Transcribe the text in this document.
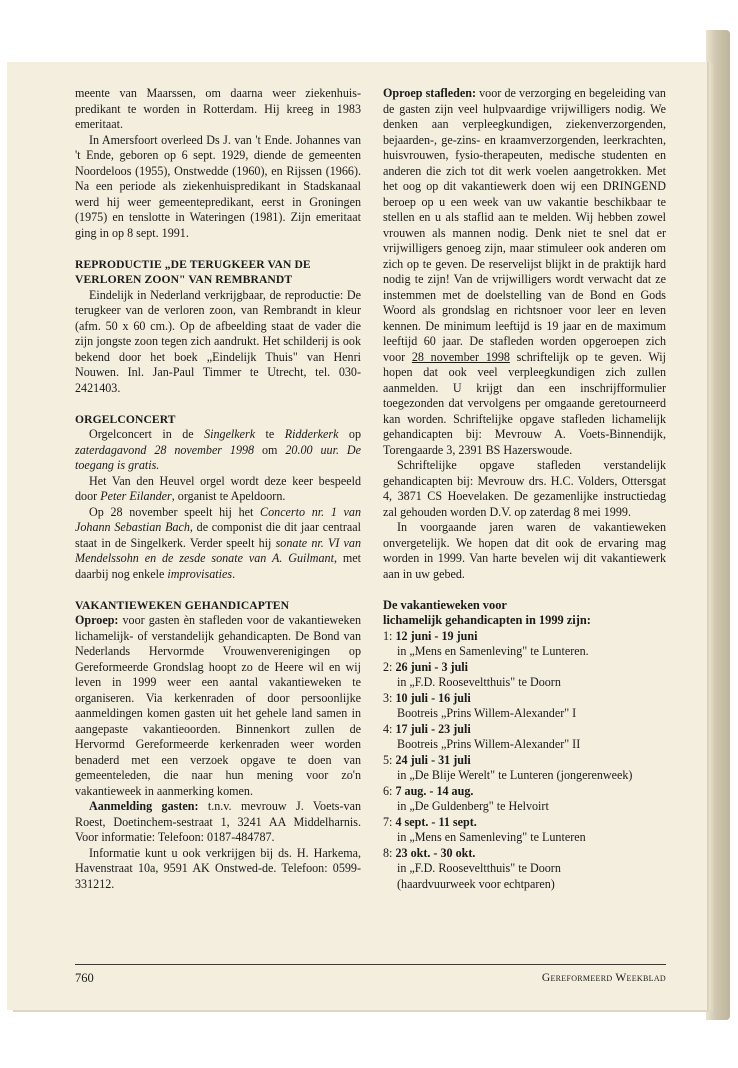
meente van Maarssen, om daarna weer ziekenhuis-predikant te worden in Rotterdam. Hij kreeg in 1983 emeritaat.

In Amersfoort overleed Ds J. van 't Ende. Johannes van 't Ende, geboren op 6 sept. 1929, diende de gemeenten Noordeloos (1955), Onstwedde (1960), en Rijssen (1966). Na een periode als ziekenhuispredikant in Stadskanaal werd hij weer gemeentepredikant, eerst in Groningen (1975) en tenslotte in Wateringen (1981). Zijn emeritaat ging in op 8 sept. 1991.

REPRODUCTIE „DE TERUGKEER VAN DE VERLOREN ZOON" VAN REMBRANDT

Eindelijk in Nederland verkrijgbaar, de reproductie: De terugkeer van de verloren zoon, van Rembrandt in kleur (afm. 50 x 60 cm.). Op de afbeelding staat de vader die zijn jongste zoon tegen zich aandrukt. Het schilderij is ook bekend door het boek „Eindelijk Thuis" van Henri Nouwen. Inl. Jan-Paul Timmer te Utrecht, tel. 030-2421403.

ORGELCONCERT

Orgelconcert in de Singelkerk te Ridderkerk op zaterdagavond 28 november 1998 om 20.00 uur. De toegang is gratis.

Het Van den Heuvel orgel wordt deze keer bespeeld door Peter Eilander, organist te Apeldoorn.

Op 28 november speelt hij het Concerto nr. 1 van Johann Sebastian Bach, de componist die dit jaar centraal staat in de Singelkerk. Verder speelt hij sonate nr. VI van Mendelssohn en de zesde sonate van A. Guilmant, met daarbij nog enkele improvisaties.

VAKANTIEWEKEN GEHANDICAPTEN

Oproep: voor gasten èn stafleden voor de vakantieweken lichamelijk- of verstandelijk gehandicapten. De Bond van Nederlands Hervormde Vrouwenverenigingen op Gereformeerde Grondslag hoopt zo de Heere wil en wij leven in 1999 weer een aantal vakantieweken te organiseren. Via kerkenraden of door persoonlijke aanmeldingen komen gasten uit het gehele land samen in aangepaste vakantieoorden. Binnenkort zullen de Hervormd Gereformeerde kerkenraden weer worden benaderd met een verzoek opgave te doen van gemeenteleden, die naar hun mening voor zo'n vakantieweek in aanmerking komen.

Aanmelding gasten: t.n.v. mevrouw J. Voets-van Roest, Doetinchem-sestraat 1, 3241 AA Middelharnis. Voor informatie: Telefoon: 0187-484787.

Informatie kunt u ook verkrijgen bij ds. H. Harkema, Havenstraat 10a, 9591 AK Onstwed-de. Telefoon: 0599-331212.

Oproep stafleden: voor de verzorging en begeleiding van de gasten zijn veel hulpvaardige vrijwilligers nodig. We denken aan verpleegkundigen, ziekenverzorgenden, bejaarden-, ge-zins- en kraamverzorgenden, leerkrachten, huisvrouwen, fysio-therapeuten, medische studenten en anderen die zich tot dit werk voelen aangetrokken. Met het oog op dit vakantiewerk doen wij een DRINGEND beroep op u een week van uw vakantie beschikbaar te stellen en u als staflid aan te melden. Wij hebben zowel vrouwen als mannen nodig. Denk niet te snel dat er vrijwilligers genoeg zijn, maar stimuleer ook anderen om zich op te geven. De reservelijst blijkt in de praktijk hard nodig te zijn! Van de vrijwilligers wordt verwacht dat ze instemmen met de doelstelling van de Bond en Gods Woord als grondslag en richtsnoer voor leer en leven kennen. De minimum leeftijd is 19 jaar en de maximum leeftijd 60 jaar. De stafleden worden opgeroepen zich voor 28 november 1998 schriftelijk op te geven. Wij hopen dat ook veel verpleegkundigen zich zullen aanmelden. U krijgt dan een inschrijfformulier toegezonden dat vervolgens per omgaande geretourneerd kan worden. Schriftelijke opgave stafleden lichamelijk gehandicapten bij: Mevrouw A. Voets-Binnendijk, Torengaarde 3, 2391 BS Hazerswoude.

Schriftelijke opgave stafleden verstandelijk gehandicapten bij: Mevrouw drs. H.C. Volders, Ottersgat 4, 3871 CS Hoevelaken. De gezamenlijke instructiedag zal gehouden worden D.V. op zaterdag 8 mei 1999.

In voorgaande jaren waren de vakantieweken onvergetelijk. We hopen dat dit ook de ervaring mag worden in 1999. Van harte bevelen wij dit vakantiewerk aan in uw gebed.

De vakantieweken voor
lichamelijk gehandicapten in 1999 zijn:
1: 12 juni - 19 juni
in „Mens en Samenleving" te Lunteren.
2: 26 juni - 3 juli
in „F.D. Rooseveltthuis" te Doorn
3: 10 juli - 16 juli
Bootreis „Prins Willem-Alexander" I
4: 17 juli - 23 juli
Bootreis „Prins Willem-Alexander" II
5: 24 juli - 31 juli
in „De Blije Werelt" te Lunteren (jongerenweek)
6: 7 aug. - 14 aug.
in „De Guldenberg" te Helvoirt
7: 4 sept. - 11 sept.
in „Mens en Samenleving" te Lunteren
8: 23 okt. - 30 okt.
in „F.D. Rooseveltthuis" te Doorn
(haardvuurweek voor echtparen)
760	Gereformeerd Weekblad
